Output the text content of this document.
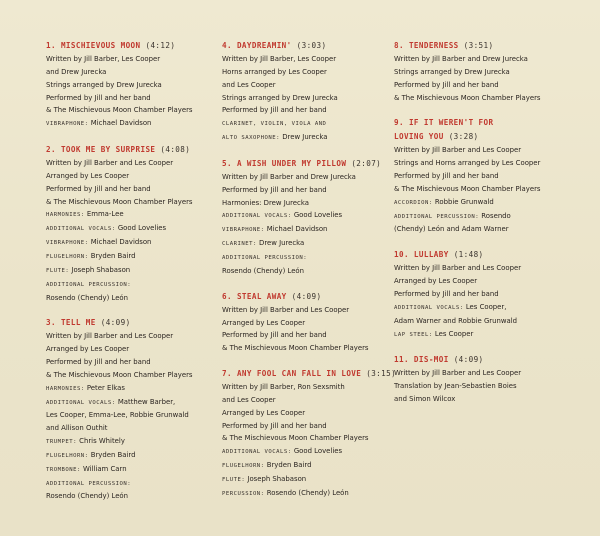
1. MISCHIEVOUS MOON (4:12)
Written by Jill Barber, Les Cooper
and Drew Jurecka
Strings arranged by Drew Jurecka
Performed by Jill and her band
& The Mischievous Moon Chamber Players
VIBRAPHONE: Michael Davidson
2. TOOK ME BY SURPRISE (4:08)
Written by Jill Barber and Les Cooper
Arranged by Les Cooper
Performed by Jill and her band
& The Mischievous Moon Chamber Players
HARMONIES: Emma-Lee
ADDITIONAL VOCALS: Good Lovelies
VIBRAPHONE: Michael Davidson
FLUGELHORN: Bryden Baird
FLUTE: Joseph Shabason
ADDITIONAL PERCUSSION:
Rosendo (Chendy) León
3. TELL ME (4:09)
Written by Jill Barber and Les Cooper
Arranged by Les Cooper
Performed by Jill and her band
& The Mischievous Moon Chamber Players
HARMONIES: Peter Elkas
ADDITIONAL VOCALS: Matthew Barber,
Les Cooper, Emma-Lee, Robbie Grunwald
and Allison Outhit
TRUMPET: Chris Whitely
FLUGELHORN: Bryden Baird
TROMBONE: William Carn
ADDITIONAL PERCUSSION:
Rosendo (Chendy) León
4. DAYDREAMIN' (3:03)
Written by Jill Barber, Les Cooper
Horns arranged by Les Cooper
and Les Cooper
Strings arranged by Drew Jurecka
Performed by Jill and her band
CLARINET, VIOLIN, VIOLA AND
ALTO SAXOPHONE: Drew Jurecka
5. A WISH UNDER MY PILLOW (2:07)
Written by Jill Barber and Drew Jurecka
Performed by Jill and her band
Harmonies: Drew Jurecka
ADDITIONAL VOCALS: Good Lovelies
VIBRAPHONE: Michael Davidson
CLARINET: Drew Jurecka
ADDITIONAL PERCUSSION:
Rosendo (Chendy) León
6. STEAL AWAY (4:09)
Written by Jill Barber and Les Cooper
Arranged by Les Cooper
Performed by Jill and her band
& The Mischievous Moon Chamber Players
7. ANY FOOL CAN FALL IN LOVE (3:15)
Written by Jill Barber, Ron Sexsmith
and Les Cooper
Arranged by Les Cooper
Performed by Jill and her band
& The Mischievous Moon Chamber Players
ADDITIONAL VOCALS: Good Lovelies
FLUGELHORN: Bryden Baird
FLUTE: Joseph Shabason
PERCUSSION: Rosendo (Chendy) León
8. TENDERNESS (3:51)
Written by Jill Barber and Drew Jurecka
Strings arranged by Drew Jurecka
Performed by Jill and her band
& The Mischievous Moon Chamber Players
9. IF IT WEREN'T FOR
LOVING YOU (3:28)
Written by Jill Barber and Les Cooper
Strings and Horns arranged by Les Cooper
Performed by Jill and her band
& The Mischievous Moon Chamber Players
ACCORDION: Robbie Grunwald
ADDITIONAL PERCUSSION: Rosendo
(Chendy) León and Adam Warner
10. LULLABY (1:48)
Written by Jill Barber and Les Cooper
Arranged by Les Cooper
Performed by Jill and her band
ADDITIONAL VOCALS: Les Cooper,
Adam Warner and Robbie Grunwald
LAP STEEL: Les Cooper
11. DIS-MOI (4:09)
Written by Jill Barber and Les Cooper
Translation by Jean-Sebastien Boies
and Simon Wilcox
